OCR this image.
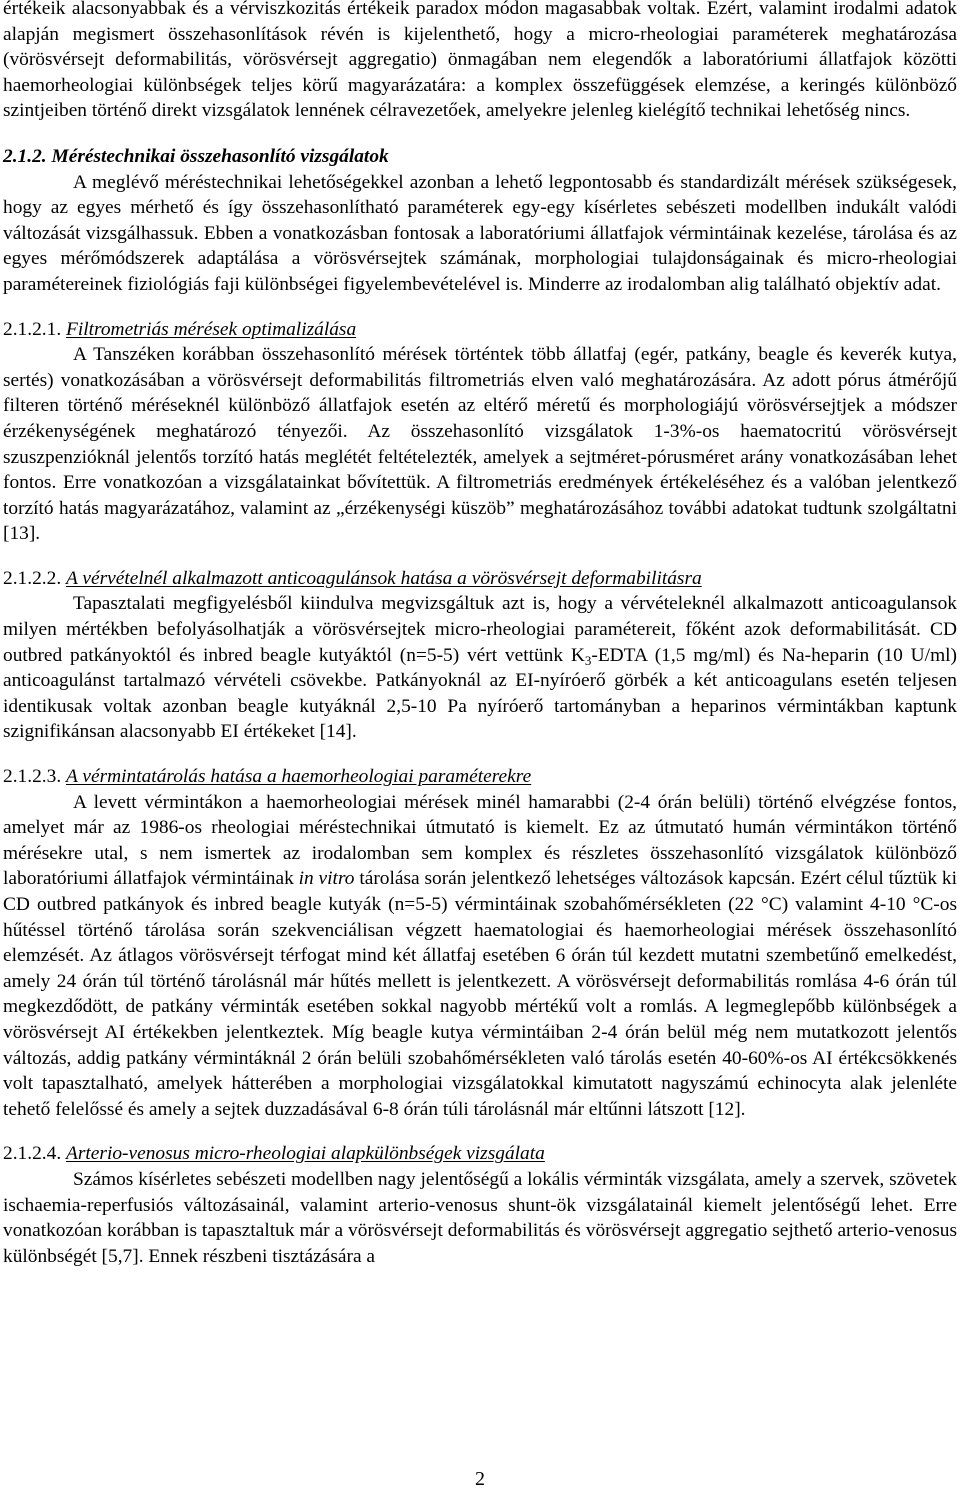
értékeik alacsonyabbak és a vérviszkozitás értékeik paradox módon magasabbak voltak. Ezért, valamint irodalmi adatok alapján megismert összehasonlítások révén is kijelenthető, hogy a micro-rheologiai paraméterek meghatározása (vörösvérsejt deformabilitás, vörösvérsejt aggregatio) önmagában nem elegendők a laboratóriumi állatfajok közötti haemorheologiai különbségek teljes körű magyarázatára: a komplex összefüggések elemzése, a keringés különböző szintjeiben történő direkt vizsgálatok lennének célravezetőek, amelyekre jelenleg kielégítő technikai lehetőség nincs.

2.1.2. Méréstechnikai összehasonlító vizsgálatok

A meglévő méréstechnikai lehetőségekkel azonban a lehető legpontosabb és standardizált mérések szükségesek, hogy az egyes mérhető és így összehasonlítható paraméterek egy-egy kísérletes sebészeti modellben indukált valódi változását vizsgálhassuk. Ebben a vonatkozásban fontosak a laboratóriumi állatfajok vérmintáinak kezelése, tárolása és az egyes mérőmódszerek adaptálása a vörösvérsejtek számának, morphologiai tulajdonságainak és micro-rheologiai paramétereinek fiziológiás faji különbségei figyelembevételével is. Minderre az irodalomban alig található objektív adat.

2.1.2.1. Filtrometriás mérések optimalizálása

A Tanszéken korábban összehasonlító mérések történtek több állatfaj (egér, patkány, beagle és keverék kutya, sertés) vonatkozásában a vörösvérsejt deformabilitás filtrometriás elven való meghatározására. Az adott pórus átmérőjű filteren történő méréseknél különböző állatfajok esetén az eltérő méretű és morphologiájú vörösvérsejtjek a módszer érzékenységének meghatározó tényezői. Az összehasonlító vizsgálatok 1-3%-os haematocritú vörösvérsejt szuszpenzióknál jelentős torzító hatás meglétét feltételezték, amelyek a sejtméret-pórusméret arány vonatkozásában lehet fontos. Erre vonatkozóan a vizsgálatainkat bővítettük. A filtrometriás eredmények értékeléséhez és a valóban jelentkező torzító hatás magyarázatához, valamint az „érzékenységi küszöb” meghatározásához további adatokat tudtunk szolgáltatni [13].

2.1.2.2. A vérvételnél alkalmazott anticoagulánsok hatása a vörösvérsejt deformabilitásra

Tapasztalati megfigyelésből kiindulva megvizsgáltuk azt is, hogy a vérvételeknél alkalmazott anticoagulansok milyen mértékben befolyásolhatják a vörösvérsejtek micro-rheologiai paramétereit, főként azok deformabilitását. CD outbred patkányoktól és inbred beagle kutyáktól (n=5-5) vért vettünk $K_3$-EDTA (1,5 mg/ml) és Na-heparin (10 U/ml) anticoagulánst tartalmazó vérvételi csövekbe. Patkányoknál az EI-nyíróerő görbék a két anticoagulans esetén teljesen identikusak voltak azonban beagle kutyáknál 2,5-10 Pa nyíróerő tartományban a heparinos vérmintákban kaptunk szignifikánsan alacsonyabb EI értékeket [14].

2.1.2.3. A vérmintatárolás hatása a haemorheologiai paraméterekre

A levett vérmintákon a haemorheologiai mérések minél hamarabbi (2-4 órán belüli) történő elvégzése fontos, amelyet már az 1986-os rheologiai méréstechnikai útmutató is kiemelt. Ez az útmutató humán vérmintákon történő mérésekre utal, s nem ismertek az irodalomban sem komplex és részletes összehasonlító vizsgálatok különböző laboratóriumi állatfajok vérmintáinak in vitro tárolása során jelentkező lehetséges változások kapcsán. Ezért célul tűztük ki CD outbred patkányok és inbred beagle kutyák (n=5-5) vérmintáinak szobahőmérsékleten (22 °C) valamint 4-10 °C-os hűtéssel történő tárolása során szekvenciálisan végzett haematologiai és haemorheologiai mérések összehasonlító elemzését. Az átlagos vörösvérsejt térfogat mind két állatfaj esetében 6 órán túl kezdett mutatni szembetűnő emelkedést, amely 24 órán túl történő tárolásnál már hűtés mellett is jelentkezett. A vörösvérsejt deformabilitás romlása 4-6 órán túl megkezdődött, de patkány vérminták esetében sokkal nagyobb mértékű volt a romlás. A legmeglepőbb különbségek a vörösvérsejt AI értékekben jelentkeztek. Míg beagle kutya vérmintáiban 2-4 órán belül még nem mutatkozott jelentős változás, addig patkány vérmintáknál 2 órán belüli szobahőmérsékleten való tárolás esetén 40-60%-os AI értékcsökkenés volt tapasztalható, amelyek hátterében a morphologiai vizsgálatokkal kimutatott nagyszámú echinocyta alak jelenléte tehető felelőssé és amely a sejtek duzzadásával 6-8 órán túli tárolásnál már eltűnni látszott [12].

2.1.2.4. Arterio-venosus micro-rheologiai alapkülönbségek vizsgálata

Számos kísérletes sebészeti modellben nagy jelentőségű a lokális vérminták vizsgálata, amely a szervek, szövetek ischaemia-reperfusiós változásainál, valamint arterio-venosus shunt-ök vizsgálatainál kiemelt jelentőségű lehet. Erre vonatkozóan korábban is tapasztaltuk már a vörösvérsejt deformabilitás és vörösvérsejt aggregatio sejthető arterio-venosus különbségét [5,7]. Ennek részbeni tisztázására a

2
